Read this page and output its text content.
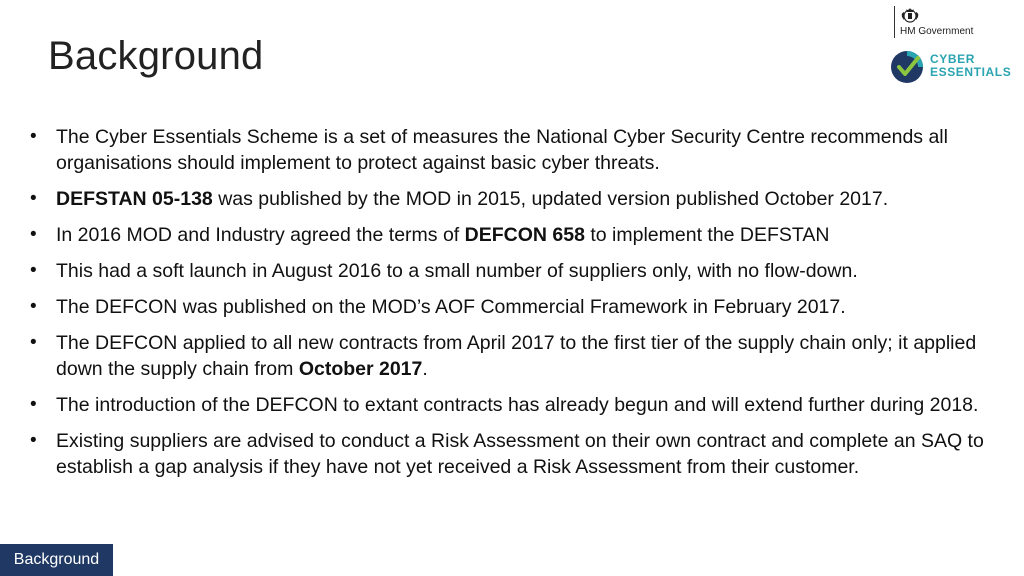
Background
HM Government
CYBER
ESSENTIALS
• The Cyber Essentials Scheme is a set of measures the National Cyber Security Centre recommends all organisations should implement to protect against basic cyber threats.
• DEFSTAN 05-138 was published by the MOD in 2015, updated version published October 2017.
• In 2016 MOD and Industry agreed the terms of DEFCON 658 to implement the DEFSTAN
• This had a soft launch in August 2016 to a small number of suppliers only, with no flow-down.
• The DEFCON was published on the MOD’s AOF Commercial Framework in February 2017.
• The DEFCON applied to all new contracts from April 2017 to the first tier of the supply chain only; it applied down the supply chain from October 2017.
• The introduction of the DEFCON to extant contracts has already begun and will extend further during 2018.
• Existing suppliers are advised to conduct a Risk Assessment on their own contract and complete an SAQ to establish a gap analysis if they have not yet received a Risk Assessment from their customer.
Background
